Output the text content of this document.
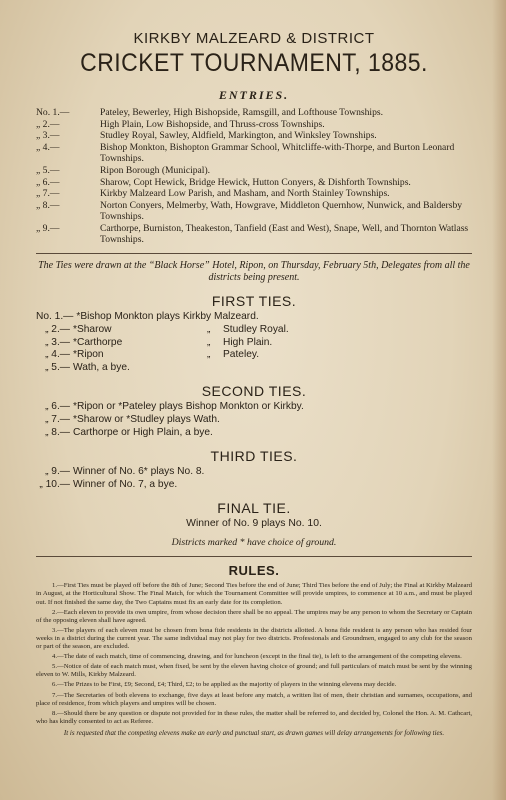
KIRKBY MALZEARD & DISTRICT
CRICKET TOURNAMENT, 1885.
ENTRIES.
No. 1.—	Pateley, Bewerley, High Bishopside, Ramsgill, and Lofthouse Townships.
„ 2.—	High Plain, Low Bishopside, and Thruss-cross Townships.
„ 3.—	Studley Royal, Sawley, Aldfield, Markington, and Winksley Townships.
„ 4.—	Bishop Monkton, Bishopton Grammar School, Whitcliffe-with-Thorpe, and Burton Leonard Townships.
„ 5.—	Ripon Borough (Municipal).
„ 6.—	Sharow, Copt Hewick, Bridge Hewick, Hutton Conyers, & Dishforth Townships.
„ 7.—	Kirkby Malzeard Low Parish, and Masham, and North Stainley Townships.
„ 8.—	Norton Conyers, Melmerby, Wath, Howgrave, Middleton Quernhow, Nunwick, and Baldersby Townships.
„ 9.—	Carthorpe, Burniston, Theakeston, Tanfield (East and West), Snape, Well, and Thornton Watlass Townships.
The Ties were drawn at the “Black Horse” Hotel, Ripon, on Thursday, February 5th, Delegates from all the districts being present.
FIRST TIES.
No. 1.— *Bishop Monkton plays Kirkby Malzeard.
„ 2.— *Sharow	„	Studley Royal.
„ 3.— *Carthorpe	„	High Plain.
„ 4.— *Ripon	„	Pateley.
„ 5.— Wath, a bye.
SECOND TIES.
„ 6.— *Ripon or *Pateley plays Bishop Monkton or Kirkby.
„ 7.— *Sharow or *Studley plays Wath.
„ 8.— Carthorpe or High Plain, a bye.
THIRD TIES.
„ 9.— Winner of No. 6* plays No. 8.
„ 10.— Winner of No. 7, a bye.
FINAL TIE.
Winner of No. 9 plays No. 10.
Districts marked * have choice of ground.
RULES.

1.—First Ties must be played off before the 8th of June; Second Ties before the end of June; Third Ties before the end of July; the Final at Kirkby Malzeard in August, at the Horticultural Show. The Final Match, for which the Tournament Committee will provide umpires, to commence at 10 a.m., and must be played out. If not finished the same day, the Two Captains must fix an early date for its completion.

2.—Each eleven to provide its own umpire, from whose decision there shall be no appeal. The umpires may be any person to whom the Secretary or Captain of the opposing eleven shall have agreed.

3.—The players of each eleven must be chosen from bona fide residents in the districts allotted. A bona fide resident is any person who has resided four weeks in a district during the current year. The same individual may not play for two districts. Professionals and Groundmen, engaged to any club for the season or part of the season, are excluded.

4.—The date of each match, time of commencing, drawing, and for luncheon (except in the final tie), is left to the arrangement of the competing elevens.

5.—Notice of date of each match must, when fixed, be sent by the eleven having choice of ground; and full particulars of match must be sent by the winning eleven to W. Mills, Kirkby Malzeard.

6.—The Prizes to be First, £9; Second, £4; Third, £2; to be applied as the majority of players in the winning elevens may decide.

7.—The Secretaries of both elevens to exchange, five days at least before any match, a written list of men, their christian and surnames, occupations, and place of residence, from which players and umpires will be chosen.

8.—Should there be any question or dispute not provided for in these rules, the matter shall be referred to, and decided by, Colonel the Hon. A. M. Cathcart, who has kindly consented to act as Referee.

It is requested that the competing elevens make an early and punctual start, as drawn games will delay arrangements for following ties.
